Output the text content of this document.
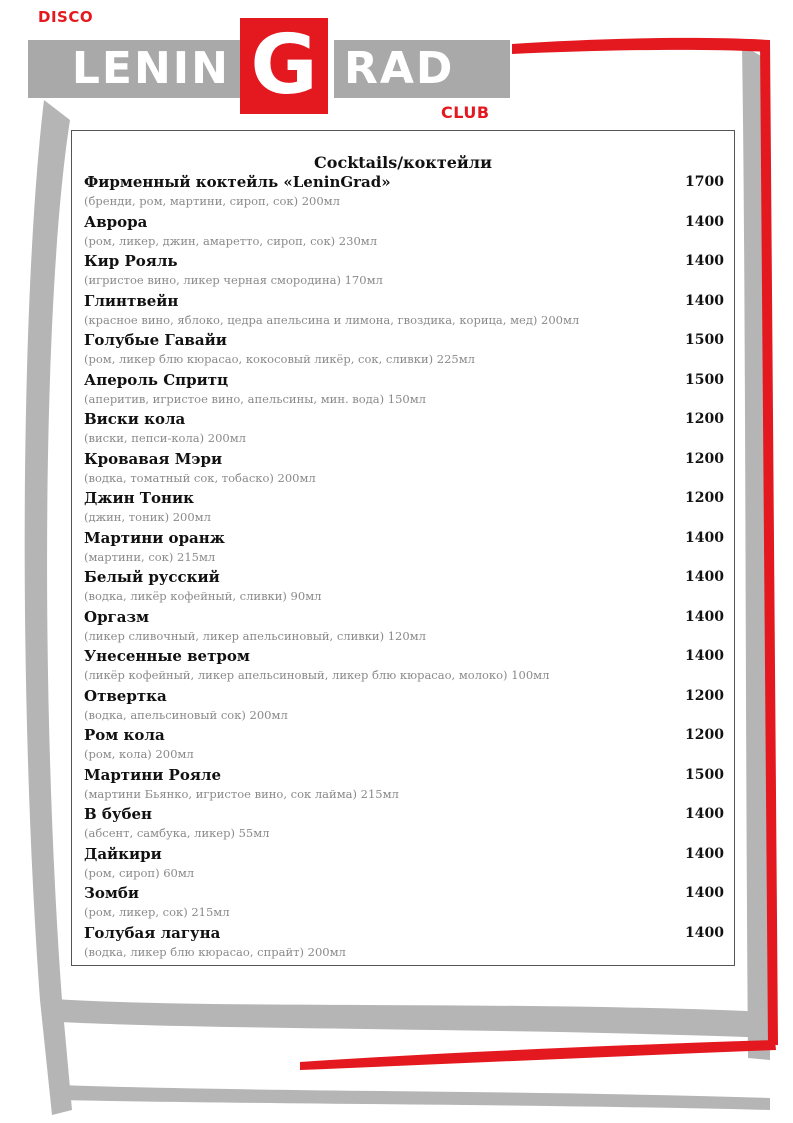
DISCO
LENIN G RAD
CLUB
Cocktails/коктейли
Фирменный коктейль «LeninGrad»	1700
(бренди, ром, мартини, сироп, сок) 200мл
Аврора	1400
(ром, ликер, джин, амаретто, сироп, сок) 230мл
Кир Рояль	1400
(игристое вино, ликер черная смородина) 170мл
Глинтвейн	1400
(красное вино, яблоко, цедра апельсина и лимона, гвоздика, корица, мед) 200мл
Голубые Гавайи	1500
(ром, ликер блю кюрасао, кокосовый ликёр, сок, сливки) 225мл
Апероль Спритц	1500
(аперитив, игристое вино, апельсины, мин. вода) 150мл
Виски кола	1200
(виски, пепси-кола) 200мл
Кровавая Мэри	1200
(водка, томатный сок, тобаско) 200мл
Джин Тоник	1200
(джин, тоник) 200мл
Мартини оранж	1400
(мартини, сок) 215мл
Белый русский	1400
(водка, ликёр кофейный, сливки) 90мл
Оргазм	1400
(ликер сливочный, ликер апельсиновый, сливки) 120мл
Унесенные ветром	1400
(ликёр кофейный, ликер апельсиновый, ликер блю кюрасао, молоко) 100мл
Отвертка	1200
(водка, апельсиновый сок) 200мл
Ром кола	1200
(ром, кола) 200мл
Мартини Рояле	1500
(мартини Бьянко, игристое вино, сок лайма) 215мл
В бубен	1400
(абсент, самбука, ликер) 55мл
Дайкири	1400
(ром, сироп) 60мл
Зомби	1400
(ром, ликер, сок) 215мл
Голубая лагуна	1400
(водка, ликер блю кюрасао, спрайт) 200мл
